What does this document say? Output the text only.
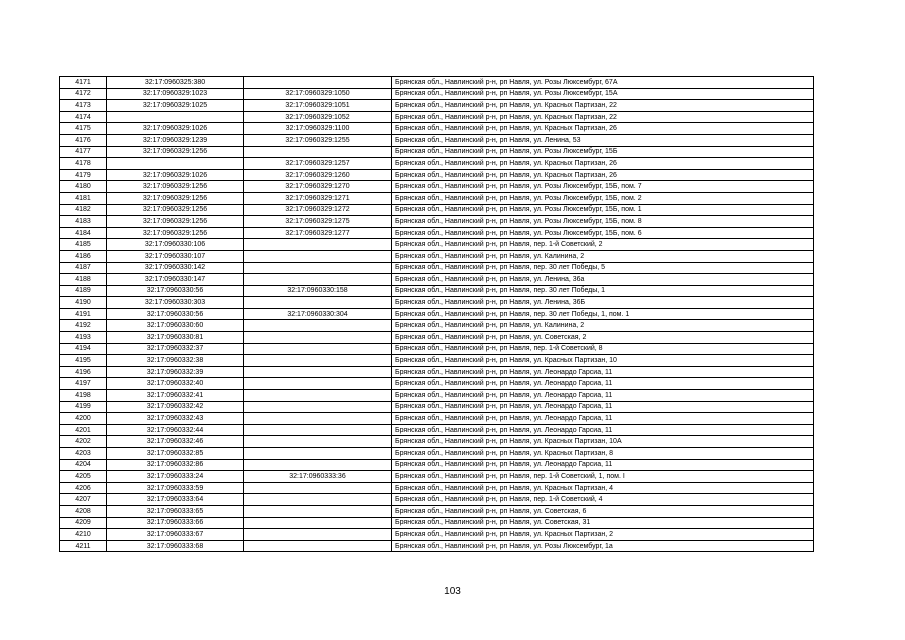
4171	32:17:0960325:380		Брянская обл., Навлинский р-н, рп Навля, ул. Розы Люксембург, 67А
4172	32:17:0960329:1023	32:17:0960329:1050	Брянская обл., Навлинский р-н, рп Навля, ул. Розы Люксембург, 15А
4173	32:17:0960329:1025	32:17:0960329:1051	Брянская обл., Навлинский р-н, рп Навля, ул. Красных Партизан, 22
4174		32:17:0960329:1052	Брянская обл., Навлинский р-н, рп Навля, ул. Красных Партизан, 22
4175	32:17:0960329:1026	32:17:0960329:1100	Брянская обл., Навлинский р-н, рп Навля, ул. Красных Партизан, 26
4176	32:17:0960329:1239	32:17:0960329:1255	Брянская обл., Навлинский р-н, рп Навля, ул. Ленина, 53
4177	32:17:0960329:1256		Брянская обл., Навлинский р-н, рп Навля, ул. Розы Люксембург, 15Б
4178		32:17:0960329:1257	Брянская обл., Навлинский р-н, рп Навля, ул. Красных Партизан, 26
4179	32:17:0960329:1026	32:17:0960329:1260	Брянская обл., Навлинский р-н, рп Навля, ул. Красных Партизан, 26
4180	32:17:0960329:1256	32:17:0960329:1270	Брянская обл., Навлинский р-н, рп Навля, ул. Розы Люксембург, 15Б, пом. 7
4181	32:17:0960329:1256	32:17:0960329:1271	Брянская обл., Навлинский р-н, рп Навля, ул. Розы Люксембург, 15Б, пом. 2
4182	32:17:0960329:1256	32:17:0960329:1272	Брянская обл., Навлинский р-н, рп Навля, ул. Розы Люксембург, 15Б, пом. 1
4183	32:17:0960329:1256	32:17:0960329:1275	Брянская обл., Навлинский р-н, рп Навля, ул. Розы Люксембург, 15Б, пом. 8
4184	32:17:0960329:1256	32:17:0960329:1277	Брянская обл., Навлинский р-н, рп Навля, ул. Розы Люксембург, 15Б, пом. 6
4185	32:17:0960330:106		Брянская обл., Навлинский р-н, рп Навля, пер. 1-й Советский, 2
4186	32:17:0960330:107		Брянская обл., Навлинский р-н, рп Навля, ул. Калинина, 2
4187	32:17:0960330:142		Брянская обл., Навлинский р-н, рп Навля, пер. 30 лет Победы, 5
4188	32:17:0960330:147		Брянская обл., Навлинский р-н, рп Навля, ул. Ленина, 36а
4189	32:17:0960330:56	32:17:0960330:158	Брянская обл., Навлинский р-н, рп Навля, пер. 30 лет Победы, 1
4190	32:17:0960330:303		Брянская обл., Навлинский р-н, рп Навля, ул. Ленина, 36Б
4191	32:17:0960330:56	32:17:0960330:304	Брянская обл., Навлинский р-н, рп Навля, пер. 30 лет Победы, 1, пом. 1
4192	32:17:0960330:60		Брянская обл., Навлинский р-н, рп Навля, ул. Калинина, 2
4193	32:17:0960330:81		Брянская обл., Навлинский р-н, рп Навля, ул. Советская, 2
4194	32:17:0960332:37		Брянская обл., Навлинский р-н, рп Навля, пер. 1-й Советский, 8
4195	32:17:0960332:38		Брянская обл., Навлинский р-н, рп Навля, ул. Красных Партизан, 10
4196	32:17:0960332:39		Брянская обл., Навлинский р-н, рп Навля, ул. Леонардо Гарсиа, 11
4197	32:17:0960332:40		Брянская обл., Навлинский р-н, рп Навля, ул. Леонардо Гарсиа, 11
4198	32:17:0960332:41		Брянская обл., Навлинский р-н, рп Навля, ул. Леонардо Гарсиа, 11
4199	32:17:0960332:42		Брянская обл., Навлинский р-н, рп Навля, ул. Леонардо Гарсиа, 11
4200	32:17:0960332:43		Брянская обл., Навлинский р-н, рп Навля, ул. Леонардо Гарсиа, 11
4201	32:17:0960332:44		Брянская обл., Навлинский р-н, рп Навля, ул. Леонардо Гарсиа, 11
4202	32:17:0960332:46		Брянская обл., Навлинский р-н, рп Навля, ул. Красных Партизан, 10А
4203	32:17:0960332:85		Брянская обл., Навлинский р-н, рп Навля, ул. Красных Партизан, 8
4204	32:17:0960332:86		Брянская обл., Навлинский р-н, рп Навля, ул. Леонардо Гарсиа, 11
4205	32:17:0960333:24	32:17:0960333:36	Брянская обл., Навлинский р-н, рп Навля, пер. 1-й Советский, 1, пом. I
4206	32:17:0960333:59		Брянская обл., Навлинский р-н, рп Навля, ул. Красных Партизан, 4
4207	32:17:0960333:64		Брянская обл., Навлинский р-н, рп Навля, пер. 1-й Советский, 4
4208	32:17:0960333:65		Брянская обл., Навлинский р-н, рп Навля, ул. Советская, 6
4209	32:17:0960333:66		Брянская обл., Навлинский р-н, рп Навля, ул. Советская, 31
4210	32:17:0960333:67		Брянская обл., Навлинский р-н, рп Навля, ул. Красных Партизан, 2
4211	32:17:0960333:68		Брянская обл., Навлинский р-н, рп Навля, ул. Розы Люксембург, 1а
103
